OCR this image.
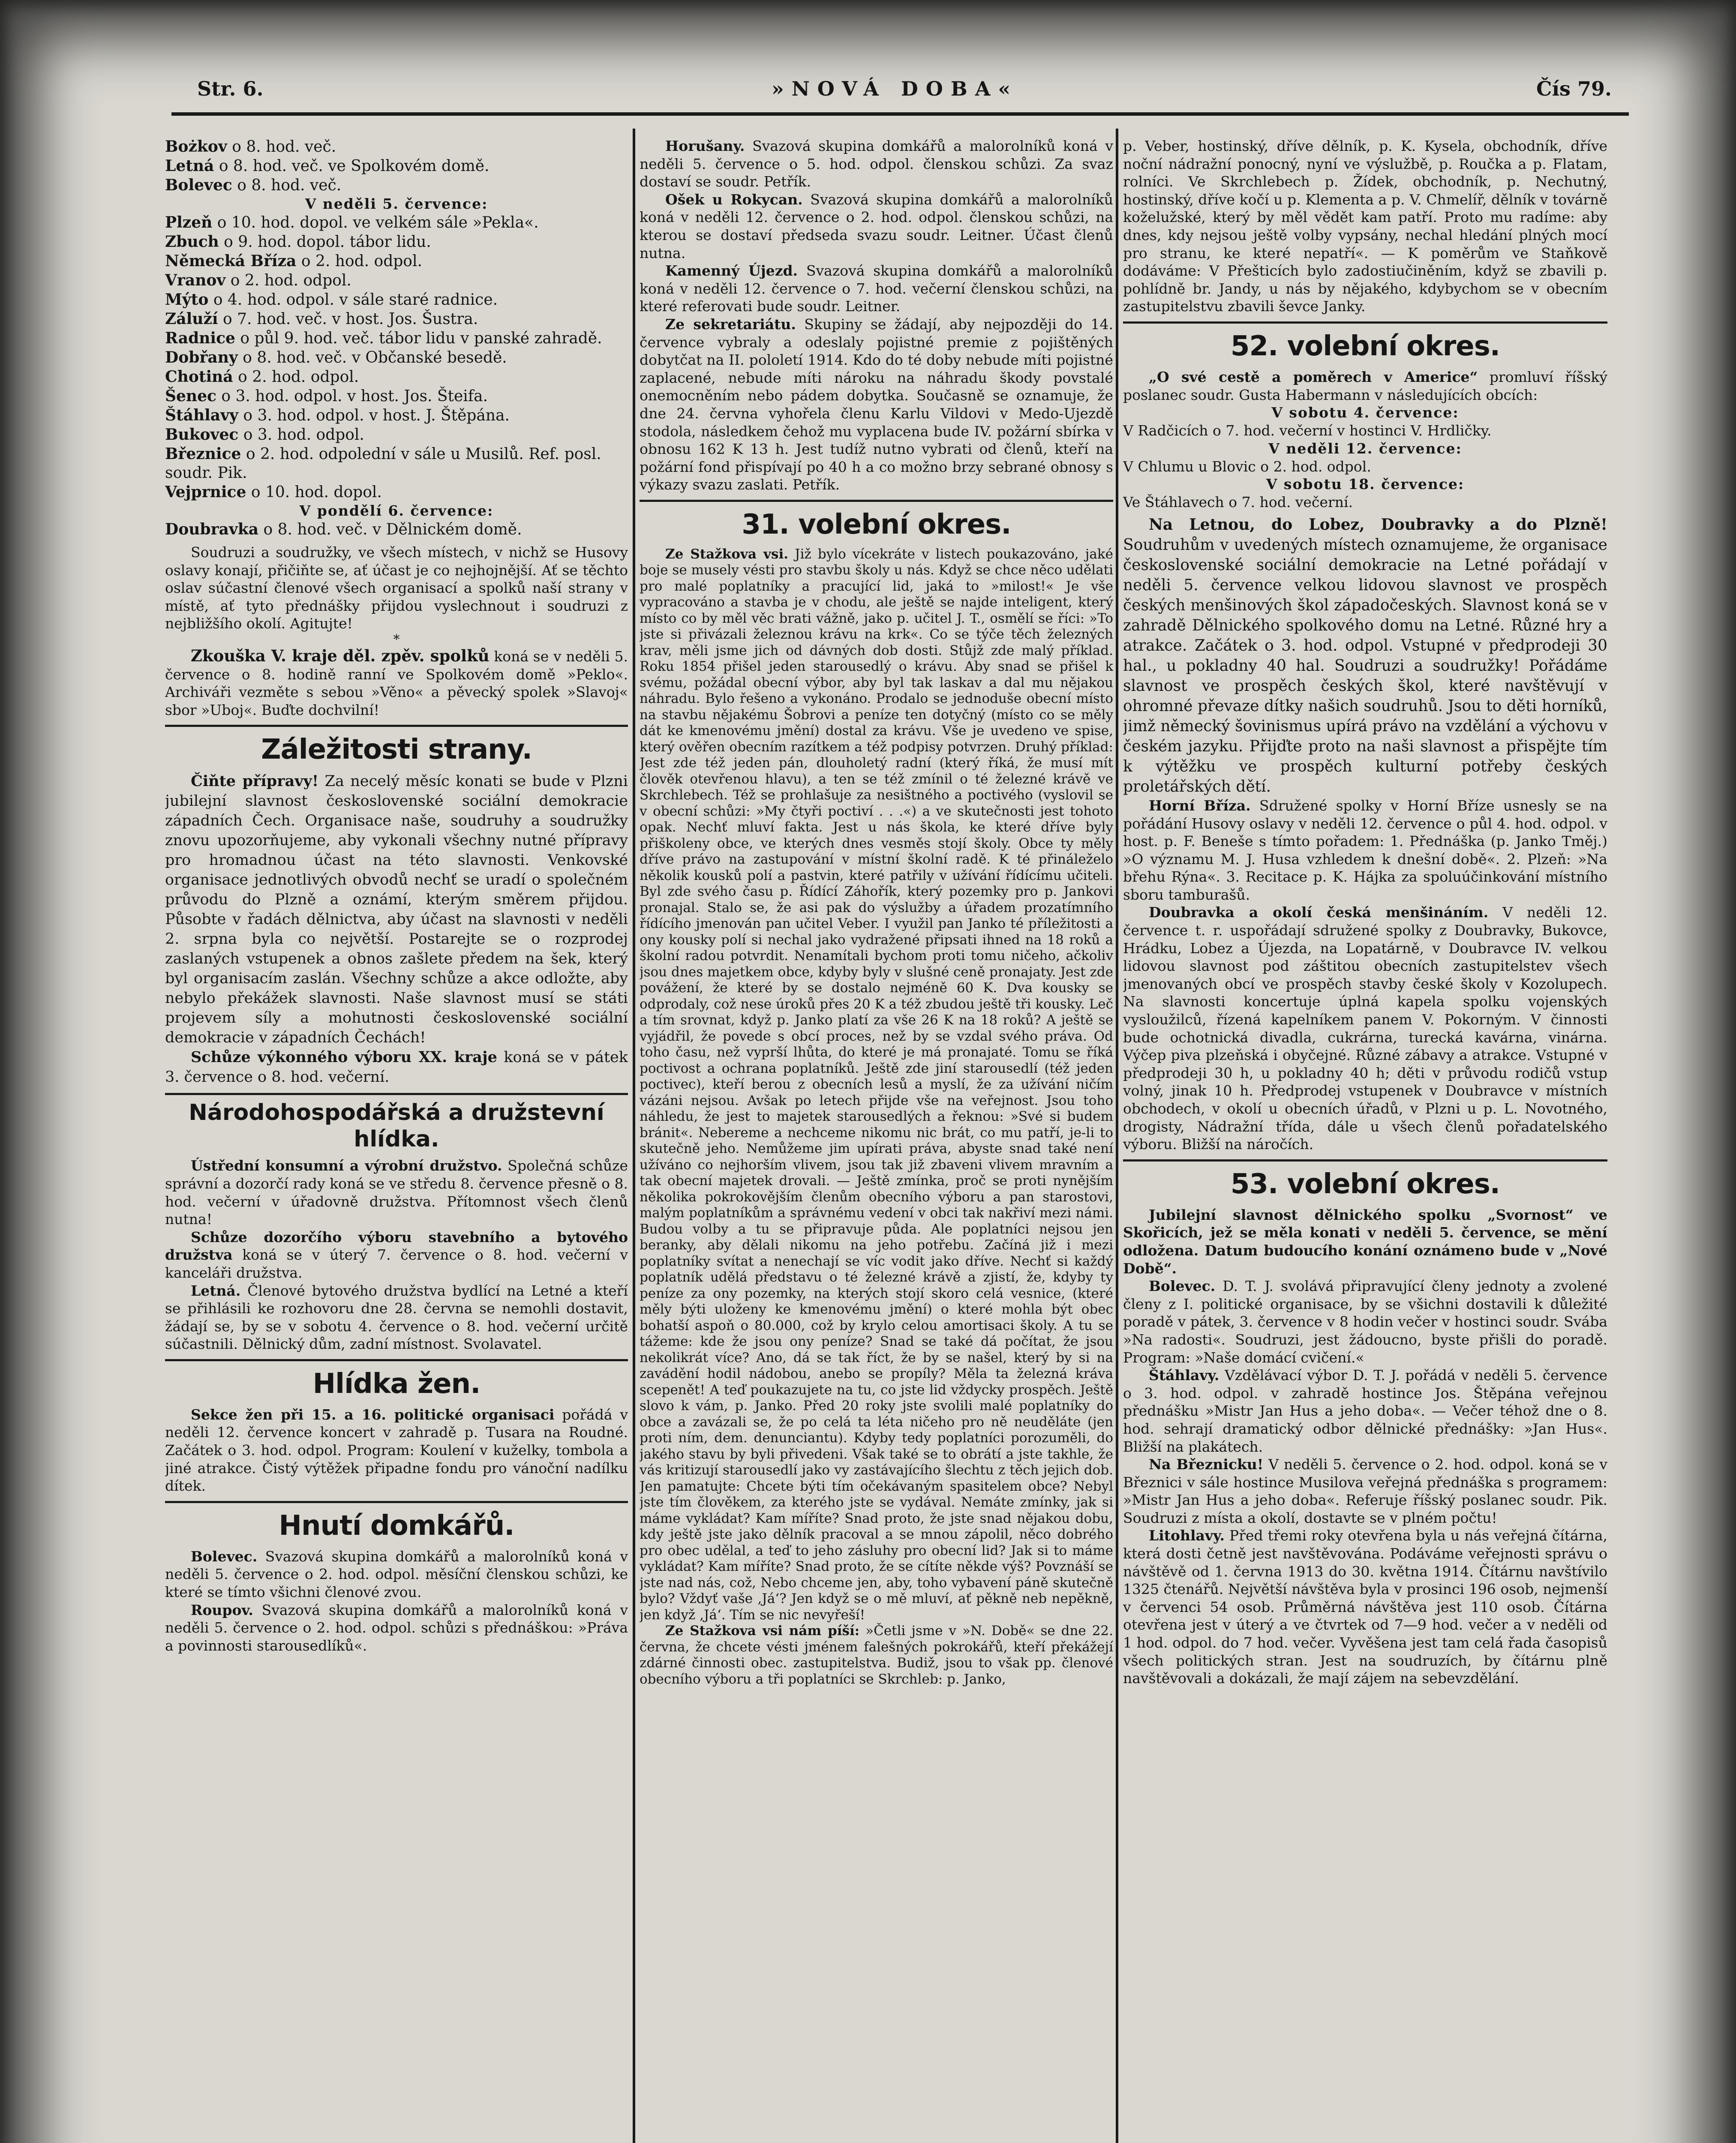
Str. 6.	»NOVÁ DOBA«	Čís 79.

Bożkov o 8. hod. več.

Letná o 8. hod. več. ve Spolkovém domě.

Bolevec o 8. hod. več.

V neděli 5. července:

Plzeň o 10. hod. dopol. ve velkém sále »Pekla«.

Zbuch o 9. hod. dopol. tábor lidu.

Německá Bříza o 2. hod. odpol.

Vranov o 2. hod. odpol.

Mýto o 4. hod. odpol. v sále staré radnice.

Záluží o 7. hod. več. v host. Jos. Šustra.

Radnice o půl 9. hod. več. tábor lidu v panské zahradě.

Dobřany o 8. hod. več. v Občanské besedě.

Chotiná o 2. hod. odpol.

Šenec o 3. hod. odpol. v host. Jos. Šteifa.

Štáhlavy o 3. hod. odpol. v host. J. Štěpána.

Bukovec o 3. hod. odpol.

Březnice o 2. hod. odpolední v sále u Musilů. Ref. posl. soudr. Pik.

Vejprnice o 10. hod. dopol.

V pondělí 6. července:

Doubravka o 8. hod. več. v Dělnickém domě.

Soudruzi a soudružky, ve všech místech, v nichž se Husovy oslavy konají, přičiňte se, ať účast je co nejhojnější. Ať se těchto oslav súčastní členové všech organisací a spolků naší strany v místě, ať tyto přednášky přijdou vyslechnout i soudruzi z nejbližšího okolí. Agitujte!

*

Zkouška V. kraje děl. zpěv. spolků koná se v neděli 5. července o 8. hodině ranní ve Spolkovém domě »Peklo«. Archiváři vezměte s sebou »Věno« a pěvecký spolek »Slavoj« sbor »Uboj«. Buďte dochvilní!

Záležitosti strany.

Čiňte přípravy! Za necelý měsíc konati se bude v Plzni jubilejní slavnost československé sociální demokracie západních Čech. Organisace naše, soudruhy a soudružky znovu upozorňujeme, aby vykonali všechny nutné přípravy pro hromadnou účast na této slavnosti. Venkovské organisace jednotlivých obvodů nechť se uradí o společném průvodu do Plzně a oznámí, kterým směrem přijdou. Působte v řadách dělnictva, aby účast na slavnosti v neděli 2. srpna byla co největší. Postarejte se o rozprodej zaslaných vstupenek a obnos zašlete předem na šek, který byl organisacím zaslán. Všechny schůze a akce odložte, aby nebylo překážek slavnosti. Naše slavnost musí se státi projevem síly a mohutnosti československé sociální demokracie v západních Čechách!

Schůze výkonného výboru XX. kraje koná se v pátek 3. července o 8. hod. večerní.

Národohospodářská a družstevní hlídka.

Ústřední konsumní a výrobní družstvo. Společná schůze správní a dozorčí rady koná se ve středu 8. července přesně o 8. hod. večerní v úřadovně družstva. Přítomnost všech členů nutna!

Schůze dozorčího výboru stavebního a bytového družstva koná se v úterý 7. července o 8. hod. večerní v kanceláři družstva.

Letná. Členové bytového družstva bydlící na Letné a kteří se přihlásili ke rozhovoru dne 28. června se nemohli dostavit, žádají se, by se v sobotu 4. července o 8. hod. večerní určitě súčastnili. Dělnický dům, zadní místnost. Svolavatel.

Hlídka žen.

Sekce žen při 15. a 16. politické organisaci pořádá v neděli 12. července koncert v zahradě p. Tusara na Roudné. Začátek o 3. hod. odpol. Program: Koulení v kuželky, tombola a jiné atrakce. Čistý výtěžek připadne fondu pro vánoční nadílku dítek.

Hnutí domkářů.

Bolevec. Svazová skupina domkářů a malorolníků koná v neděli 5. července o 2. hod. odpol. měsíční členskou schůzi, ke které se tímto všichni členové zvou.

Roupov. Svazová skupina domkářů a malorolníků koná v neděli 5. července o 2. hod. odpol. schůzi s přednáškou: »Práva a povinnosti starousedlíků«.

Horušany. Svazová skupina domkářů a malorolníků koná v neděli 5. července o 5. hod. odpol. členskou schůzi. Za svaz dostaví se soudr. Petřík.

Ošek u Rokycan. Svazová skupina domkářů a malorolníků koná v neděli 12. července o 2. hod. odpol. členskou schůzi, na kterou se dostaví předseda svazu soudr. Leitner. Účast členů nutna.

Kamenný Újezd. Svazová skupina domkářů a malorolníků koná v neděli 12. července o 7. hod. večerní členskou schůzi, na které referovati bude soudr. Leitner.

Ze sekretariátu. Skupiny se žádají, aby nejpozději do 14. července vybraly a odeslaly pojistné premie z pojištěných dobytčat na II. pololetí 1914. Kdo do té doby nebude míti pojistné zaplacené, nebude míti nároku na náhradu škody povstalé onemocněním nebo pádem dobytka. Současně se oznamuje, že dne 24. června vyhořela členu Karlu Vildovi v Medo-Ujezdě stodola, následkem čehož mu vyplacena bude IV. požární sbírka v obnosu 162 K 13 h. Jest tudíž nutno vybrati od členů, kteří na požární fond přispívají po 40 h a co možno brzy sebrané obnosy s výkazy svazu zaslati. Petřík.

31. volební okres.

Ze Stažkova vsi. Již bylo vícekráte v listech poukazováno, jaké boje se musely vésti pro stavbu školy u nás. Když se chce něco udělati pro malé poplatníky a pracující lid, jaká to »milost!« Je vše vypracováno a stavba je v chodu, ale ještě se najde inteligent, který místo co by měl věc brati vážně, jako p. učitel J. T., osmělí se říci: »To jste si přivázali železnou krávu na krk«. Co se týče těch železných krav, měli jsme jich od dávných dob dosti. Stůjž zde malý příklad. Roku 1854 přišel jeden starousedlý o krávu. Aby snad se přišel k svému, požádal obecní výbor, aby byl tak laskav a dal mu nějakou náhradu. Bylo řešeno a vykonáno. Prodalo se jednoduše obecní místo na stavbu nějakému Šobrovi a peníze ten dotyčný (místo co se měly dát ke kmenovému jmění) dostal za krávu. Vše je uvedeno ve spise, který ověřen obecním razítkem a též podpisy potvrzen. Druhý příklad: Jest zde též jeden pán, dlouholetý radní (který říká, že musí mít člověk otevřenou hlavu), a ten se též zmínil o té železné krávě ve Skrchlebech. Též se prohlašuje za nesištného a poctivého (vyslovil se v obecní schůzi: »My čtyři poctiví . . .«) a ve skutečnosti jest tohoto opak. Nechť mluví fakta. Jest u nás škola, ke které dříve byly přiškoleny obce, ve kterých dnes vesměs stojí školy. Obce ty měly dříve právo na zastupování v místní školní radě. K té přináleželo několik kousků polí a pastvin, které patřily v užívání řídícímu učiteli. Byl zde svého času p. Řídící Záhořík, který pozemky pro p. Jankovi pronajal. Stalo se, že asi pak do výslužby a úřadem prozatímního řídícího jmenován pan učitel Veber. I využil pan Janko té příležitosti a ony kousky polí si nechal jako vydražené připsati ihned na 18 roků a školní radou potvrdit. Nenamítali bychom proti tomu ničeho, ačkoliv jsou dnes majetkem obce, kdyby byly v slušné ceně pronajaty. Jest zde povážení, že které by se dostalo nejméně 60 K. Dva kousky se odprodaly, což nese úroků přes 20 K a též zbudou ještě tři kousky. Leč a tím srovnat, když p. Janko platí za vše 26 K na 18 roků? A ještě se vyjádřil, že povede s obcí proces, než by se vzdal svého práva. Od toho času, než vyprší lhůta, do které je má pronajaté. Tomu se říká poctivost a ochrana poplatníků. Ještě zde jiní starousedlí (též jeden poctivec), kteří berou z obecních lesů a myslí, že za užívání ničím vázáni nejsou. Avšak po letech přijde vše na veřejnost. Jsou toho náhledu, že jest to majetek starousedlých a řeknou: »Své si budem bránit«. Nebereme a nechceme nikomu nic brát, co mu patří, je-li to skutečně jeho. Nemůžeme jim upírati práva, abyste snad také není užíváno co nejhorším vlivem, jsou tak již zbaveni vlivem mravním a tak obecní majetek drovali. — Ještě zmínka, proč se proti nynějším několika pokrokovějším členům obecního výboru a pan starostovi, malým poplatníkům a správnému vedení v obci tak nakřiví mezi námi. Budou volby a tu se připravuje půda. Ale poplatníci nejsou jen beranky, aby dělali nikomu na jeho potřebu. Začíná již i mezi poplatníky svítat a nenechají se víc vodit jako dříve. Nechť si každý poplatník udělá představu o té železné krávě a zjistí, že, kdyby ty peníze za ony pozemky, na kterých stojí skoro celá vesnice, (které měly býti uloženy ke kmenovému jmění) o které mohla být obec bohatší aspoň o 80.000, což by krylo celou amortisaci školy. A tu se tážeme: kde že jsou ony peníze? Snad se také dá počítat, že jsou nekolikrát více? Ano, dá se tak říct, že by se našel, který by si na zavádění hodil nádobou, anebo se propíly? Měla ta železná kráva scepenět! A teď poukazujete na tu, co jste lid vždycky prospěch. Ještě slovo k vám, p. Janko. Před 20 roky jste svolili malé poplatníky do obce a zavázali se, že po celá ta léta ničeho pro ně neuděláte (jen proti ním, dem. denunciantu). Kdyby tedy poplatníci porozuměli, do jakého stavu by byli přivedeni. Však také se to obrátí a jste takhle, že vás kritizují starousedlí jako vy zastávajícího šlechtu z těch jejich dob. Jen pamatujte: Chcete býti tím očekávaným spasitelem obce? Nebyl jste tím člověkem, za kterého jste se vydával. Nemáte zmínky, jak si máme vykládat? Kam míříte? Snad proto, že jste snad nějakou dobu, kdy ještě jste jako dělník pracoval a se mnou zápolil, něco dobrého pro obec udělal, a teď to jeho zásluhy pro obecní lid? Jak si to máme vykládat? Kam míříte? Snad proto, že se cítíte někde výš? Povznáší se jste nad nás, což, Nebo chceme jen, aby, toho vybavení páně skutečně bylo? Vždyť vaše ,Já‘? Jen když se o mě mluví, ať pěkně neb nepěkně, jen když ,Já‘. Tím se nic nevyřeší!

Ze Stažkova vsi nám píší: »Četli jsme v »N. Době« se dne 22. června, že chcete vésti jménem falešných pokrokářů, kteří překážejí zdárné činnosti obec. zastupitelstva. Budiž, jsou to však pp. členové obecního výboru a tři poplatníci se Skrchleb: p. Janko,

p. Veber, hostinský, dříve dělník, p. K. Kysela, obchodník, dříve noční nádražní ponocný, nyní ve výslužbě, p. Roučka a p. Flatam, rolníci. Ve Skrchlebech p. Žídek, obchodník, p. Nechutný, hostinský, dříve kočí u p. Klementa a p. V. Chmelíř, dělník v továrně koželužské, který by měl vědět kam patří. Proto mu radíme: aby dnes, kdy nejsou ještě volby vypsány, nechal hledání plných mocí pro stranu, ke které nepatří«. — K poměrům ve Staňkově dodáváme: V Přešticích bylo zadostiučiněním, když se zbavili p. pohlídně br. Jandy, u nás by nějakého, kdybychom se v obecním zastupitelstvu zbavili ševce Janky.

52. volební okres.

„O své cestě a poměrech v Americe“ promluví říšský poslanec soudr. Gusta Habermann v následujících obcích:

V sobotu 4. července:

V Radčicích o 7. hod. večerní v hostinci V. Hrdličky.

V neděli 12. července:

V Chlumu u Blovic o 2. hod. odpol.

V sobotu 18. července:

Ve Štáhlavech o 7. hod. večerní.

Na Letnou, do Lobez, Doubravky a do Plzně! Soudruhům v uvedených místech oznamujeme, že organisace československé sociální demokracie na Letné pořádají v neděli 5. července velkou lidovou slavnost ve prospěch českých menšinových škol západočeských. Slavnost koná se v zahradě Dělnického spolkového domu na Letné. Různé hry a atrakce. Začátek o 3. hod. odpol. Vstupné v předprodeji 30 hal., u pokladny 40 hal. Soudruzi a soudružky! Pořádáme slavnost ve prospěch českých škol, které navštěvují v ohromné převaze dítky našich soudruhů. Jsou to děti horníků, jimž německý šovinismus upírá právo na vzdělání a výchovu v českém jazyku. Přijďte proto na naši slavnost a přispějte tím k výtěžku ve prospěch kulturní potřeby českých proletářských dětí.

Horní Bříza. Sdružené spolky v Horní Bříze usnesly se na pořádání Husovy oslavy v neděli 12. července o půl 4. hod. odpol. v host. p. F. Beneše s tímto pořadem: 1. Přednáška (p. Janko Tměj.) »O významu M. J. Husa vzhledem k dnešní době«. 2. Plzeň: »Na břehu Rýna«. 3. Recitace p. K. Hájka za spoluúčinkování místního sboru tamburašů.

Doubravka a okolí česká menšináním. V neděli 12. července t. r. uspořádají sdružené spolky z Doubravky, Bukovce, Hrádku, Lobez a Újezda, na Lopatárně, v Doubravce IV. velkou lidovou slavnost pod záštitou obecních zastupitelstev všech jmenovaných obcí ve prospěch stavby české školy v Kozolupech. Na slavnosti koncertuje úplná kapela spolku vojenských vysloužilců, řízená kapelníkem panem V. Pokorným. V činnosti bude ochotnická divadla, cukrárna, turecká kavárna, vinárna. Výčep piva plzeňská i obyčejné. Různé zábavy a atrakce. Vstupné v předprodeji 30 h, u pokladny 40 h; děti v průvodu rodičů vstup volný, jinak 10 h. Předprodej vstupenek v Doubravce v místních obchodech, v okolí u obecních úřadů, v Plzni u p. L. Novotného, drogisty, Nádražní třída, dále u všech členů pořadatelského výboru. Bližší na náročích.

53. volební okres.

Jubilejní slavnost dělnického spolku „Svornost“ ve Skořicích, jež se měla konati v neděli 5. července, se mění odložena. Datum budoucího konání oznámeno bude v „Nové Době“.

Bolevec. D. T. J. svolává připravující členy jednoty a zvolené členy z I. politické organisace, by se všichni dostavili k důležité poradě v pátek, 3. července v 8 hodin večer v hostinci soudr. Svába »Na radosti«. Soudruzi, jest žádoucno, byste přišli do poradě. Program: »Naše domácí cvičení.«

Štáhlavy. Vzdělávací výbor D. T. J. pořádá v neděli 5. července o 3. hod. odpol. v zahradě hostince Jos. Štěpána veřejnou přednášku »Mistr Jan Hus a jeho doba«. — Večer téhož dne o 8. hod. sehrají dramatický odbor dělnické přednášky: »Jan Hus«. Bližší na plakátech.

Na Březnicku! V neděli 5. července o 2. hod. odpol. koná se v Březnici v sále hostince Musilova veřejná přednáška s programem: »Mistr Jan Hus a jeho doba«. Referuje říšský poslanec soudr. Pik. Soudruzi z místa a okolí, dostavte se v plném počtu!

Litohlavy. Před třemi roky otevřena byla u nás veřejná čítárna, která dosti četně jest navštěvována. Podáváme veřejnosti správu o návštěvě od 1. června 1913 do 30. května 1914. Čítárnu navštívilo 1325 čtenářů. Největší návštěva byla v prosinci 196 osob, nejmenší v červenci 54 osob. Průměrná návštěva jest 110 osob. Čítárna otevřena jest v úterý a ve čtvrtek od 7—9 hod. večer a v neděli od 1 hod. odpol. do 7 hod. večer. Vyvěšena jest tam celá řada časopisů všech politických stran. Jest na soudruzích, by čítárnu plně navštěvovali a dokázali, že mají zájem na sebevzdělání.
